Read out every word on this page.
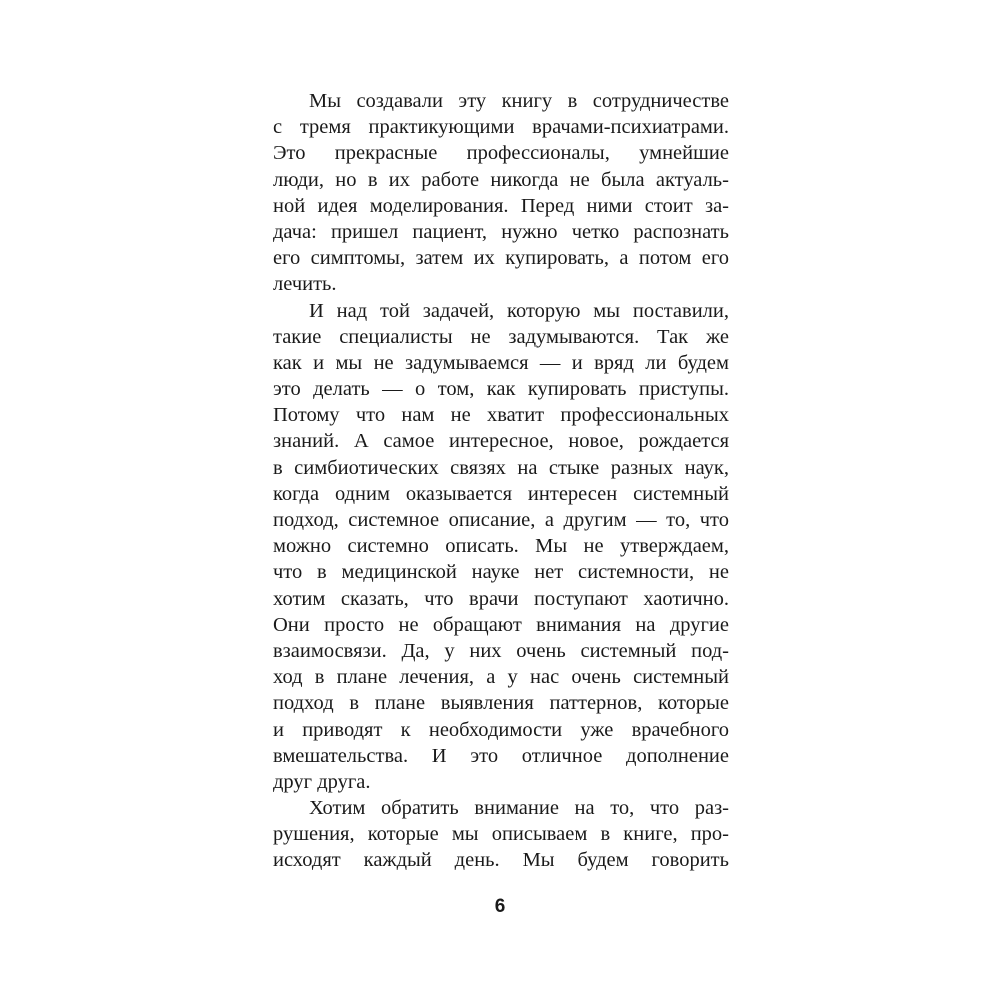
Мы создавали эту книгу в сотрудничестве
с тремя практикующими врачами-психиатрами.
Это прекрасные профессионалы, умнейшие
люди, но в их работе никогда не была актуаль-
ной идея моделирования. Перед ними стоит за-
дача: пришел пациент, нужно четко распознать
его симптомы, затем их купировать, а потом его
лечить.
И над той задачей, которую мы поставили,
такие специалисты не задумываются. Так же
как и мы не задумываемся — и вряд ли будем
это делать — о том, как купировать приступы.
Потому что нам не хватит профессиональных
знаний. А самое интересное, новое, рождается
в симбиотических связях на стыке разных наук,
когда одним оказывается интересен системный
подход, системное описание, а другим — то, что
можно системно описать. Мы не утверждаем,
что в медицинской науке нет системности, не
хотим сказать, что врачи поступают хаотично.
Они просто не обращают внимания на другие
взаимосвязи. Да, у них очень системный под-
ход в плане лечения, а у нас очень системный
подход в плане выявления паттернов, которые
и приводят к необходимости уже врачебного
вмешательства. И это отличное дополнение
друг друга.
Хотим обратить внимание на то, что раз-
рушения, которые мы описываем в книге, про-
исходят каждый день. Мы будем говорить
6
